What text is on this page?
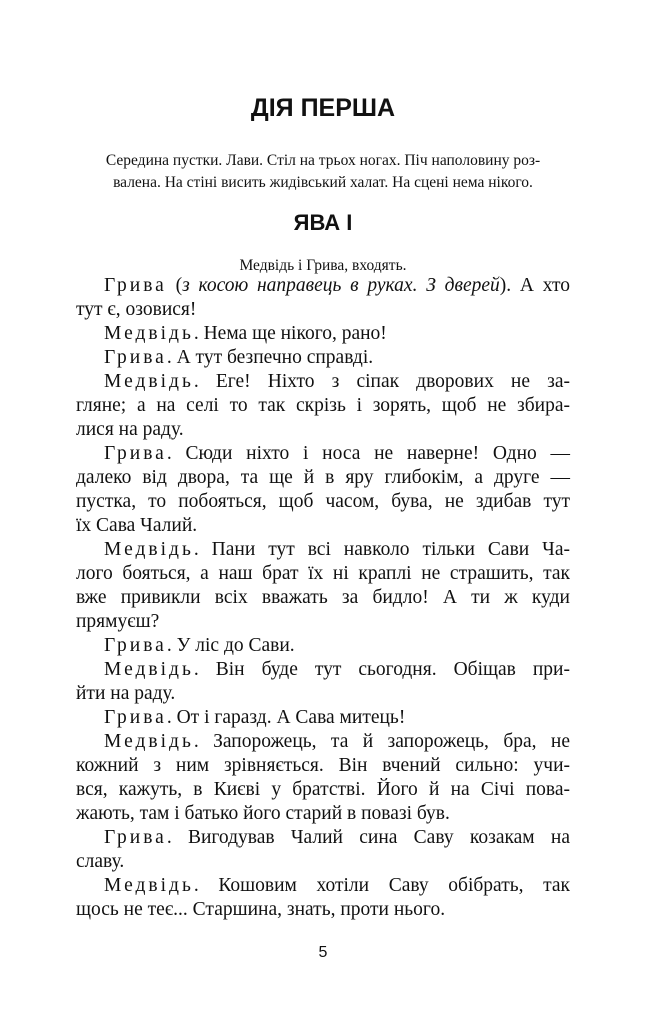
ДІЯ ПЕРША

Середина пустки. Лави. Стіл на трьох ногах. Піч наполовину роз-
валена. На стіні висить жидівський халат. На сцені нема нікого.

ЯВА І

Медвідь і Грива, входять.

Грива (з косою направець в руках. З дверей). А хто
тут є, озовися!
Медвідь. Нема ще нікого, рано!
Грива. А тут безпечно справді.
Медвідь. Еге! Ніхто з сіпак дворових не за-
гляне; а на селі то так скрізь і зорять, щоб не збира-
лися на раду.
Грива. Сюди ніхто і носа не наверне! Одно —
далеко від двора, та ще й в яру глибокім, а друге —
пустка, то побояться, щоб часом, бува, не здибав тут
їх Сава Чалий.
Медвідь. Пани тут всі навколо тільки Сави Ча-
лого бояться, а наш брат їх ні краплі не страшить, так
вже привикли всіх вважать за бидло! А ти ж куди
прямуєш?
Грива. У ліс до Сави.
Медвідь. Він буде тут сьогодня. Обіщав при-
йти на раду.
Грива. От і гаразд. А Сава митець!
Медвідь. Запорожець, та й запорожець, бра, не
кожний з ним зрівняється. Він вчений сильно: учи-
вся, кажуть, в Києві у братстві. Його й на Січі пова-
жають, там і батько його старий в повазі був.
Грива. Вигодував Чалий сина Саву козакам на
славу.
Медвідь. Кошовим хотіли Саву обібрать, так
щось не теє... Старшина, знать, проти нього.
5
